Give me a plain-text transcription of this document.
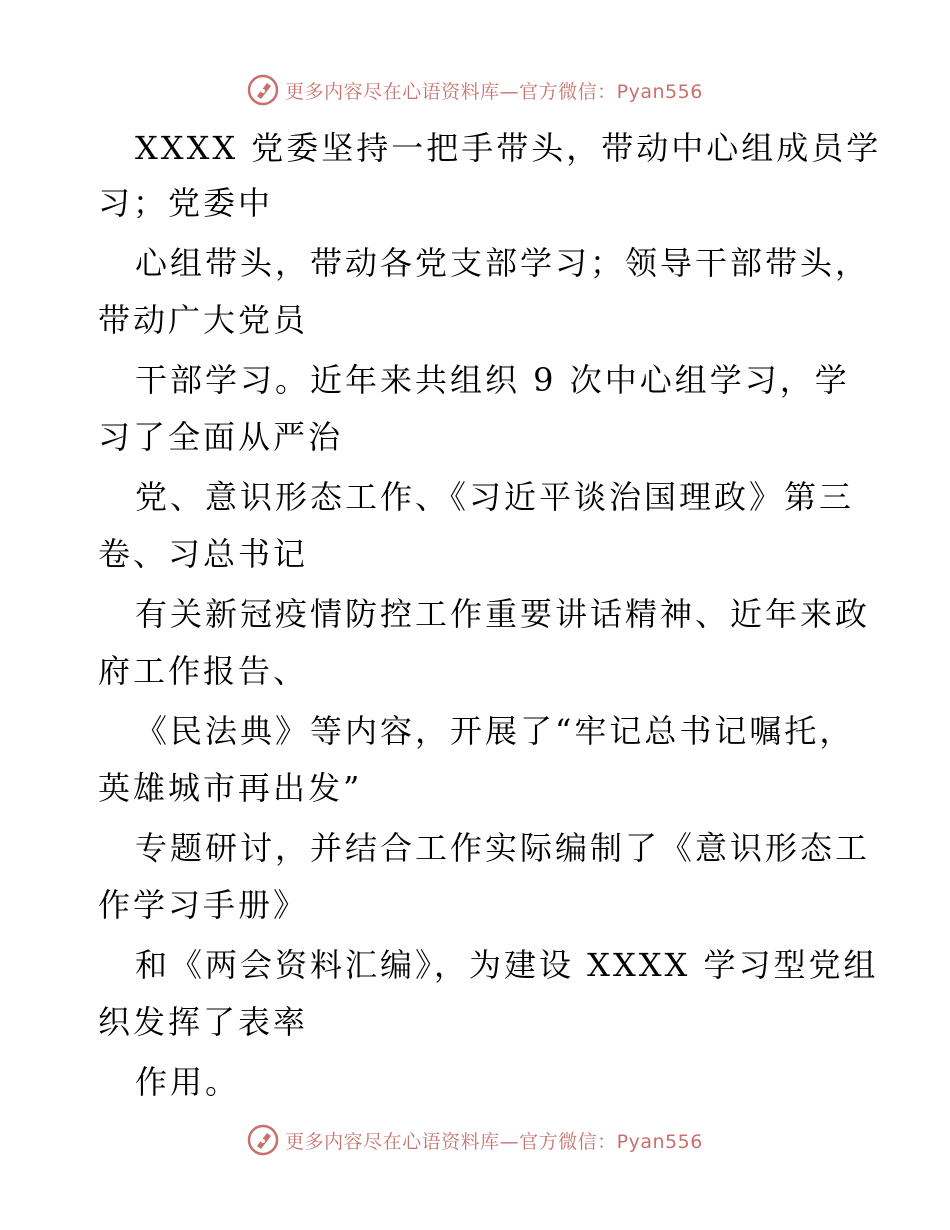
更多内容尽在心语资料库—官方微信：Pyan556
XXXX 党委坚持一把手带头，带动中心组成员学
习；党委中
心组带头，带动各党支部学习；领导干部带头，
带动广大党员
干部学习。近年来共组织 9 次中心组学习，学
习了全面从严治
党、意识形态工作、《习近平谈治国理政》第三
卷、习总书记
有关新冠疫情防控工作重要讲话精神、近年来政
府工作报告、
《民法典》等内容，开展了“牢记总书记嘱托，
英雄城市再出发”
专题研讨，并结合工作实际编制了《意识形态工
作学习手册》
和《两会资料汇编》，为建设 XXXX 学习型党组
织发挥了表率
作用。
更多内容尽在心语资料库—官方微信：Pyan556
